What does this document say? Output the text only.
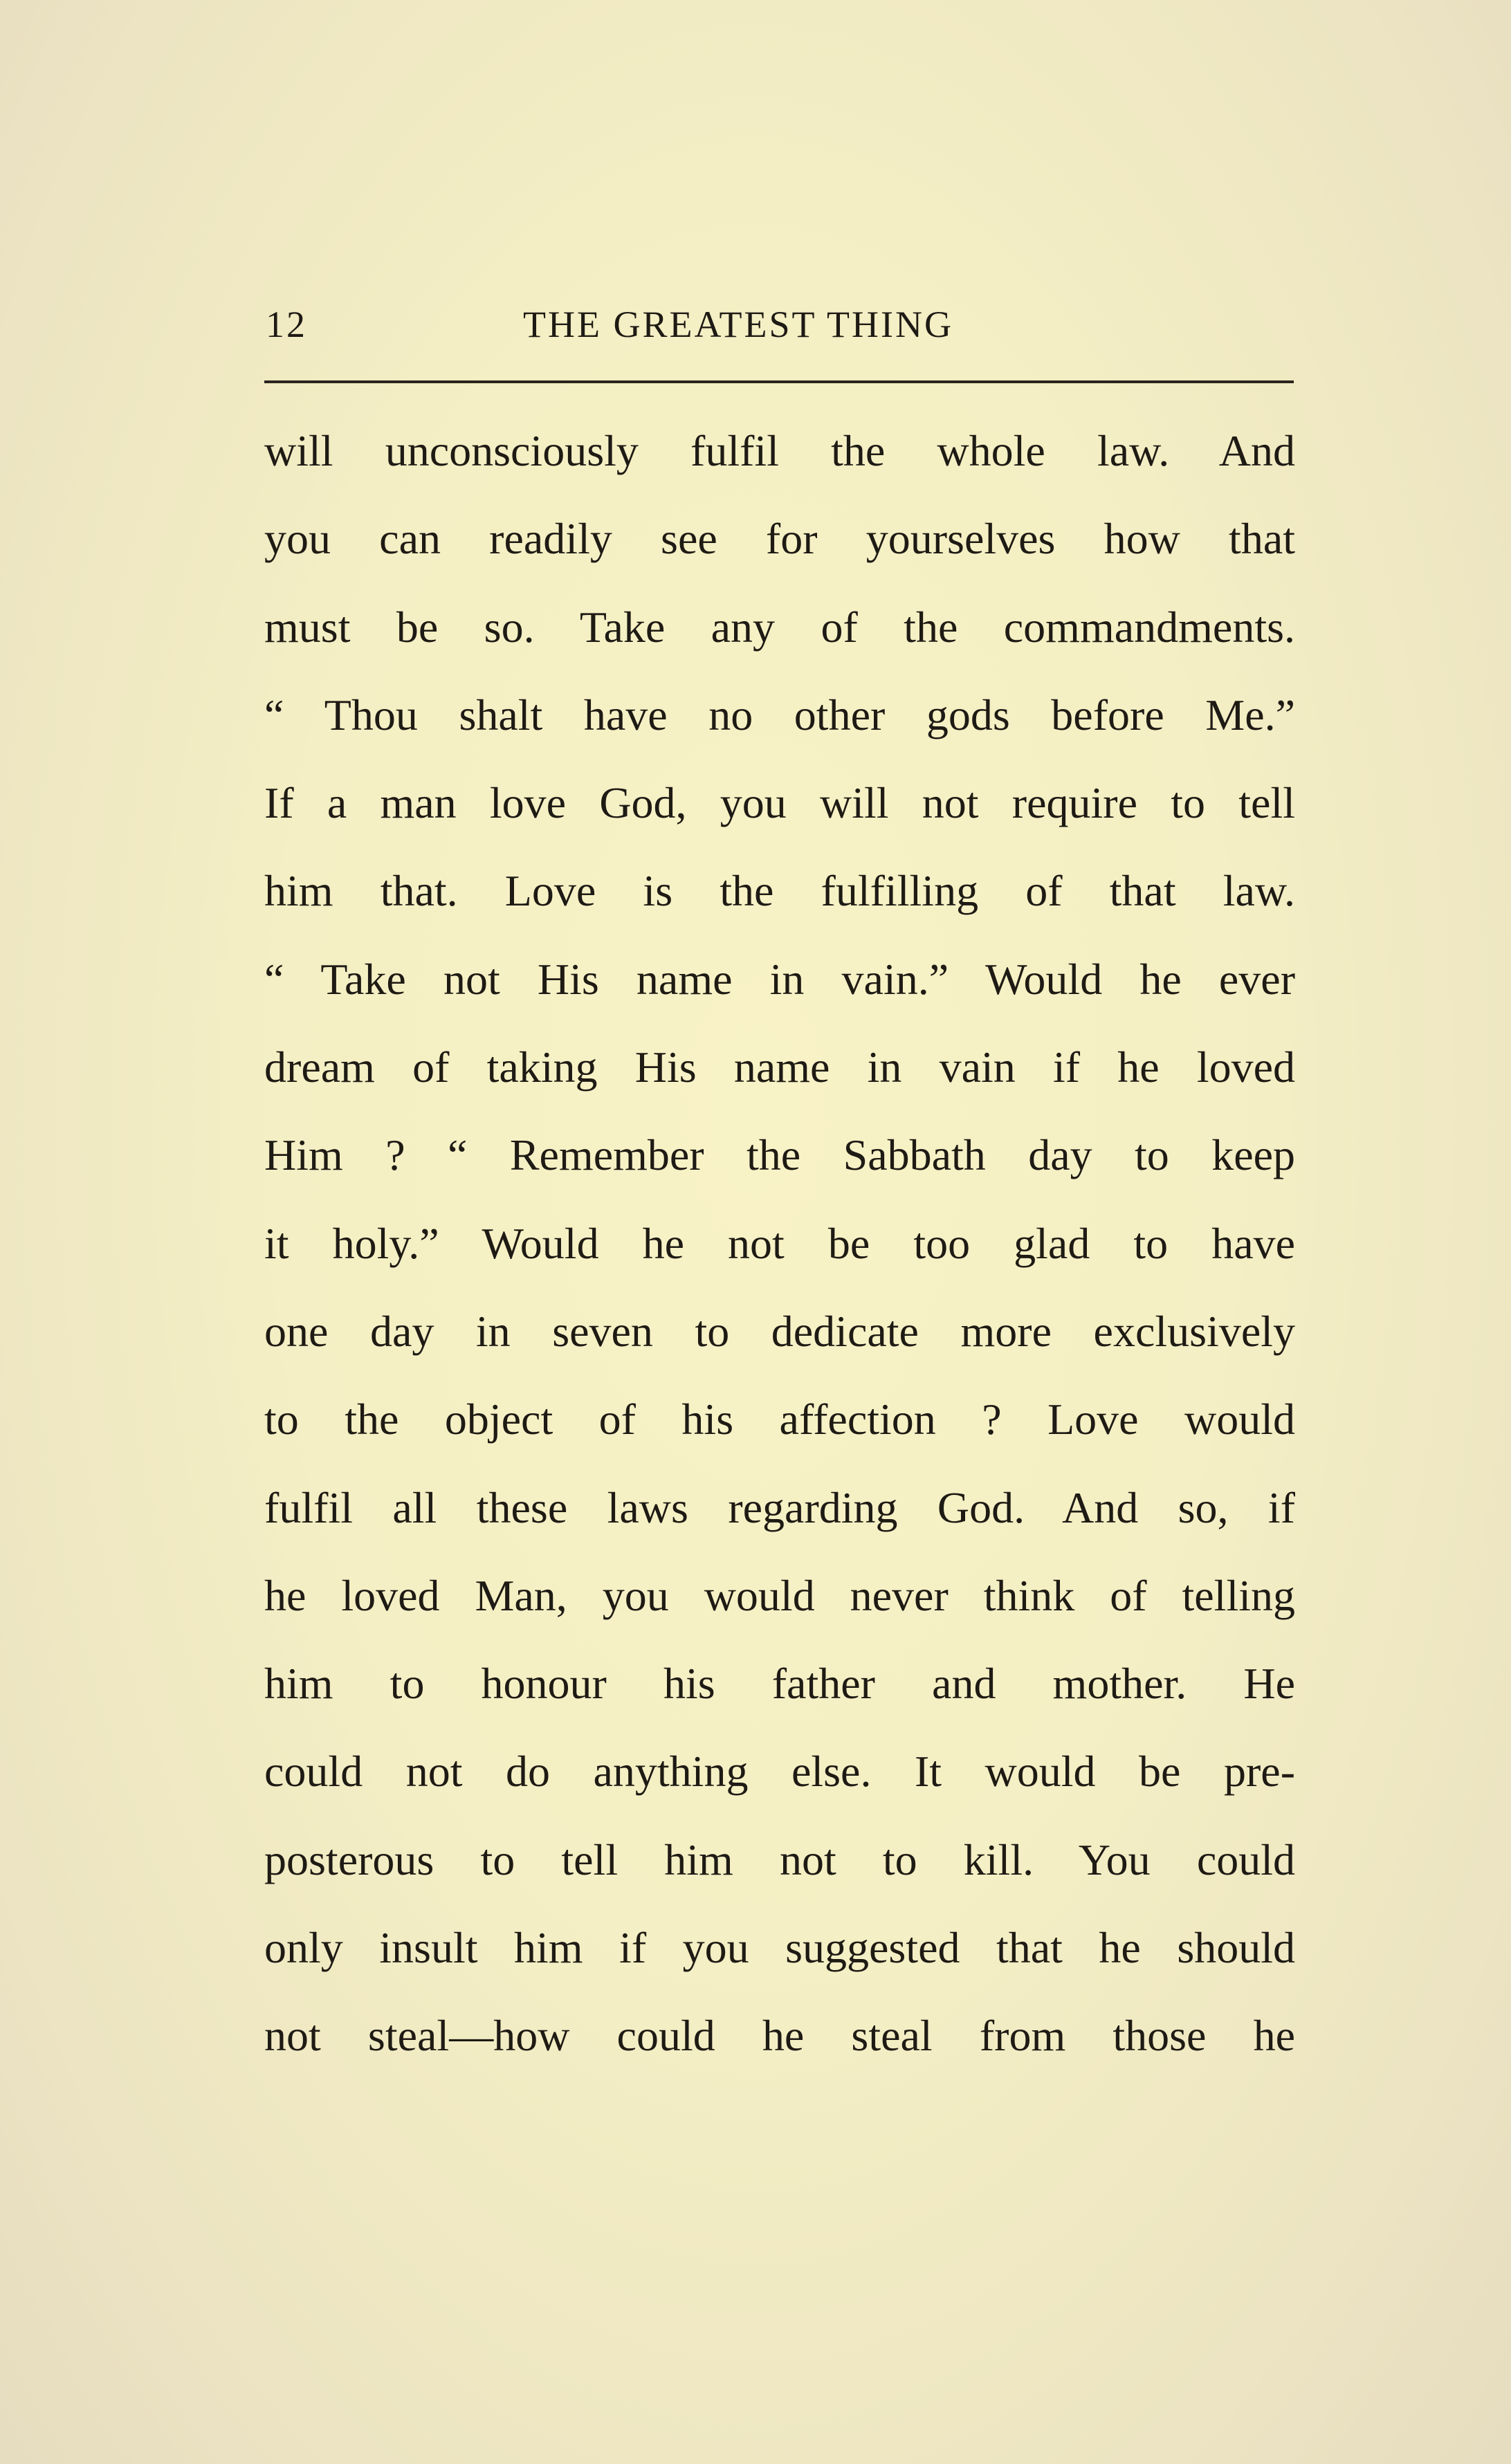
12	THE GREATEST THING
will unconsciously fulfil the whole law. And
you can readily see for yourselves how that
must be so. Take any of the commandments.
“ Thou shalt have no other gods before Me.”
If a man love God, you will not require to tell
him that. Love is the fulfilling of that law.
“ Take not His name in vain.” Would he ever
dream of taking His name in vain if he loved
Him ? “ Remember the Sabbath day to keep
it holy.” Would he not be too glad to have
one day in seven to dedicate more exclusively
to the object of his affection ? Love would
fulfil all these laws regarding God. And so, if
he loved Man, you would never think of telling
him to honour his father and mother. He
could not do anything else. It would be pre-
posterous to tell him not to kill. You could
only insult him if you suggested that he should
not steal—how could he steal from those he
